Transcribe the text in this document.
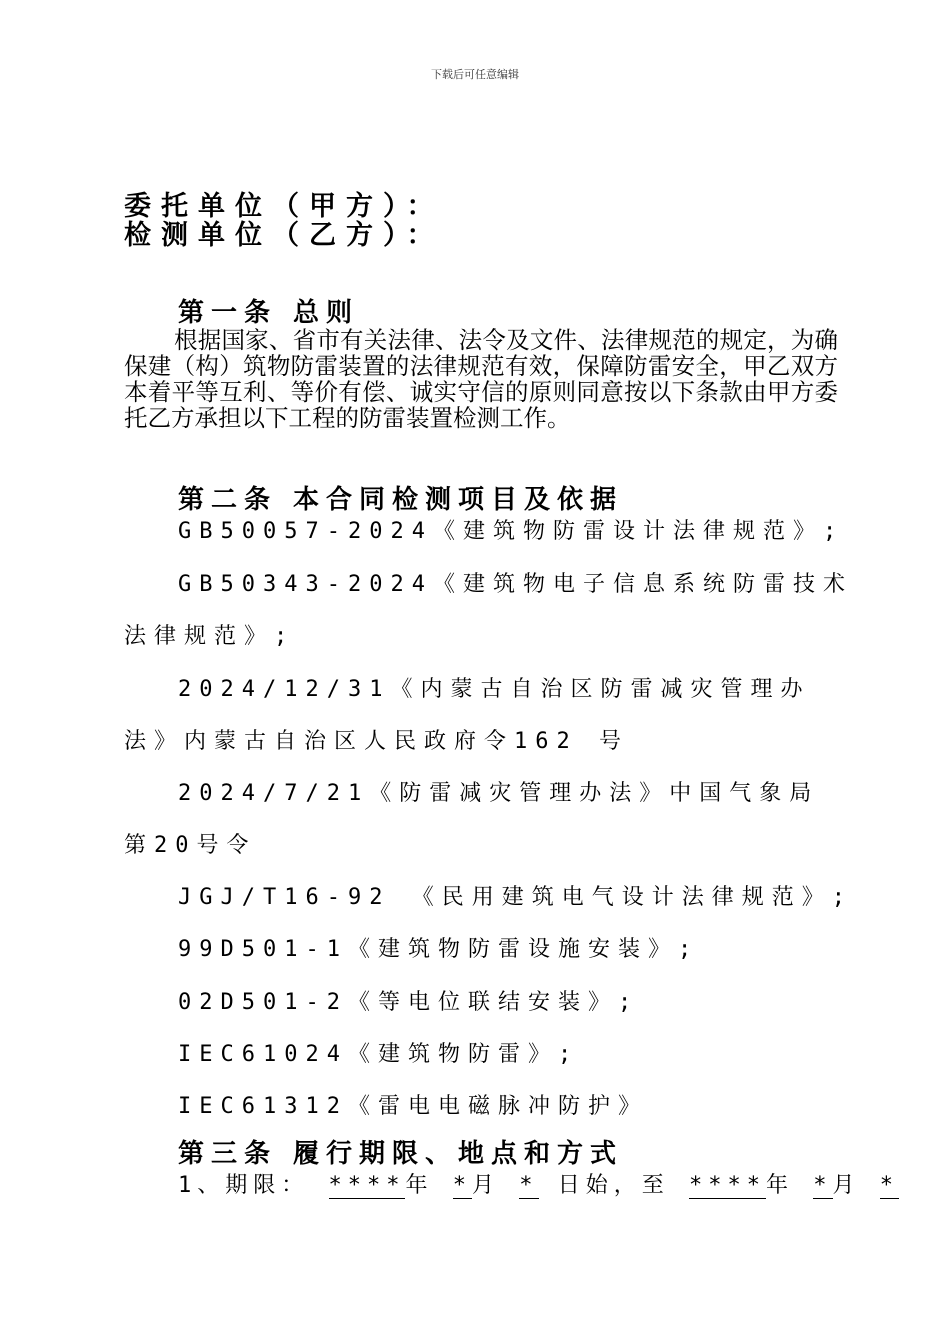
下载后可任意编辑
委托单位（甲方）：
检测单位（乙方）：
第一条 总则
根据国家、省市有关法律、法令及文件、法律规范的规定，为确保建（构）筑物防雷装置的法律规范有效，保障防雷安全，甲乙双方本着平等互利、等价有偿、诚实守信的原则同意按以下条款由甲方委托乙方承担以下工程的防雷装置检测工作。
第二条 本合同检测项目及依据
GB50057-2024《建筑物防雷设计法律规范》;
GB50343-2024《建筑物电子信息系统防雷技术
法律规范》;
2024/12/31《内蒙古自治区防雷减灾管理办
法》内蒙古自治区人民政府令162 号
2024/7/21《防雷减灾管理办法》中国气象局
第20号令
JGJ/T16-92 《民用建筑电气设计法律规范》;
99D501-1《建筑物防雷设施安装》;
02D501-2《等电位联结安装》;
IEC61024《建筑物防雷》;
IEC61312《雷电电磁脉冲防护》
第三条 履行期限、地点和方式
1、期限： ****年 *月 * 日始，至 ****年 *月 *
